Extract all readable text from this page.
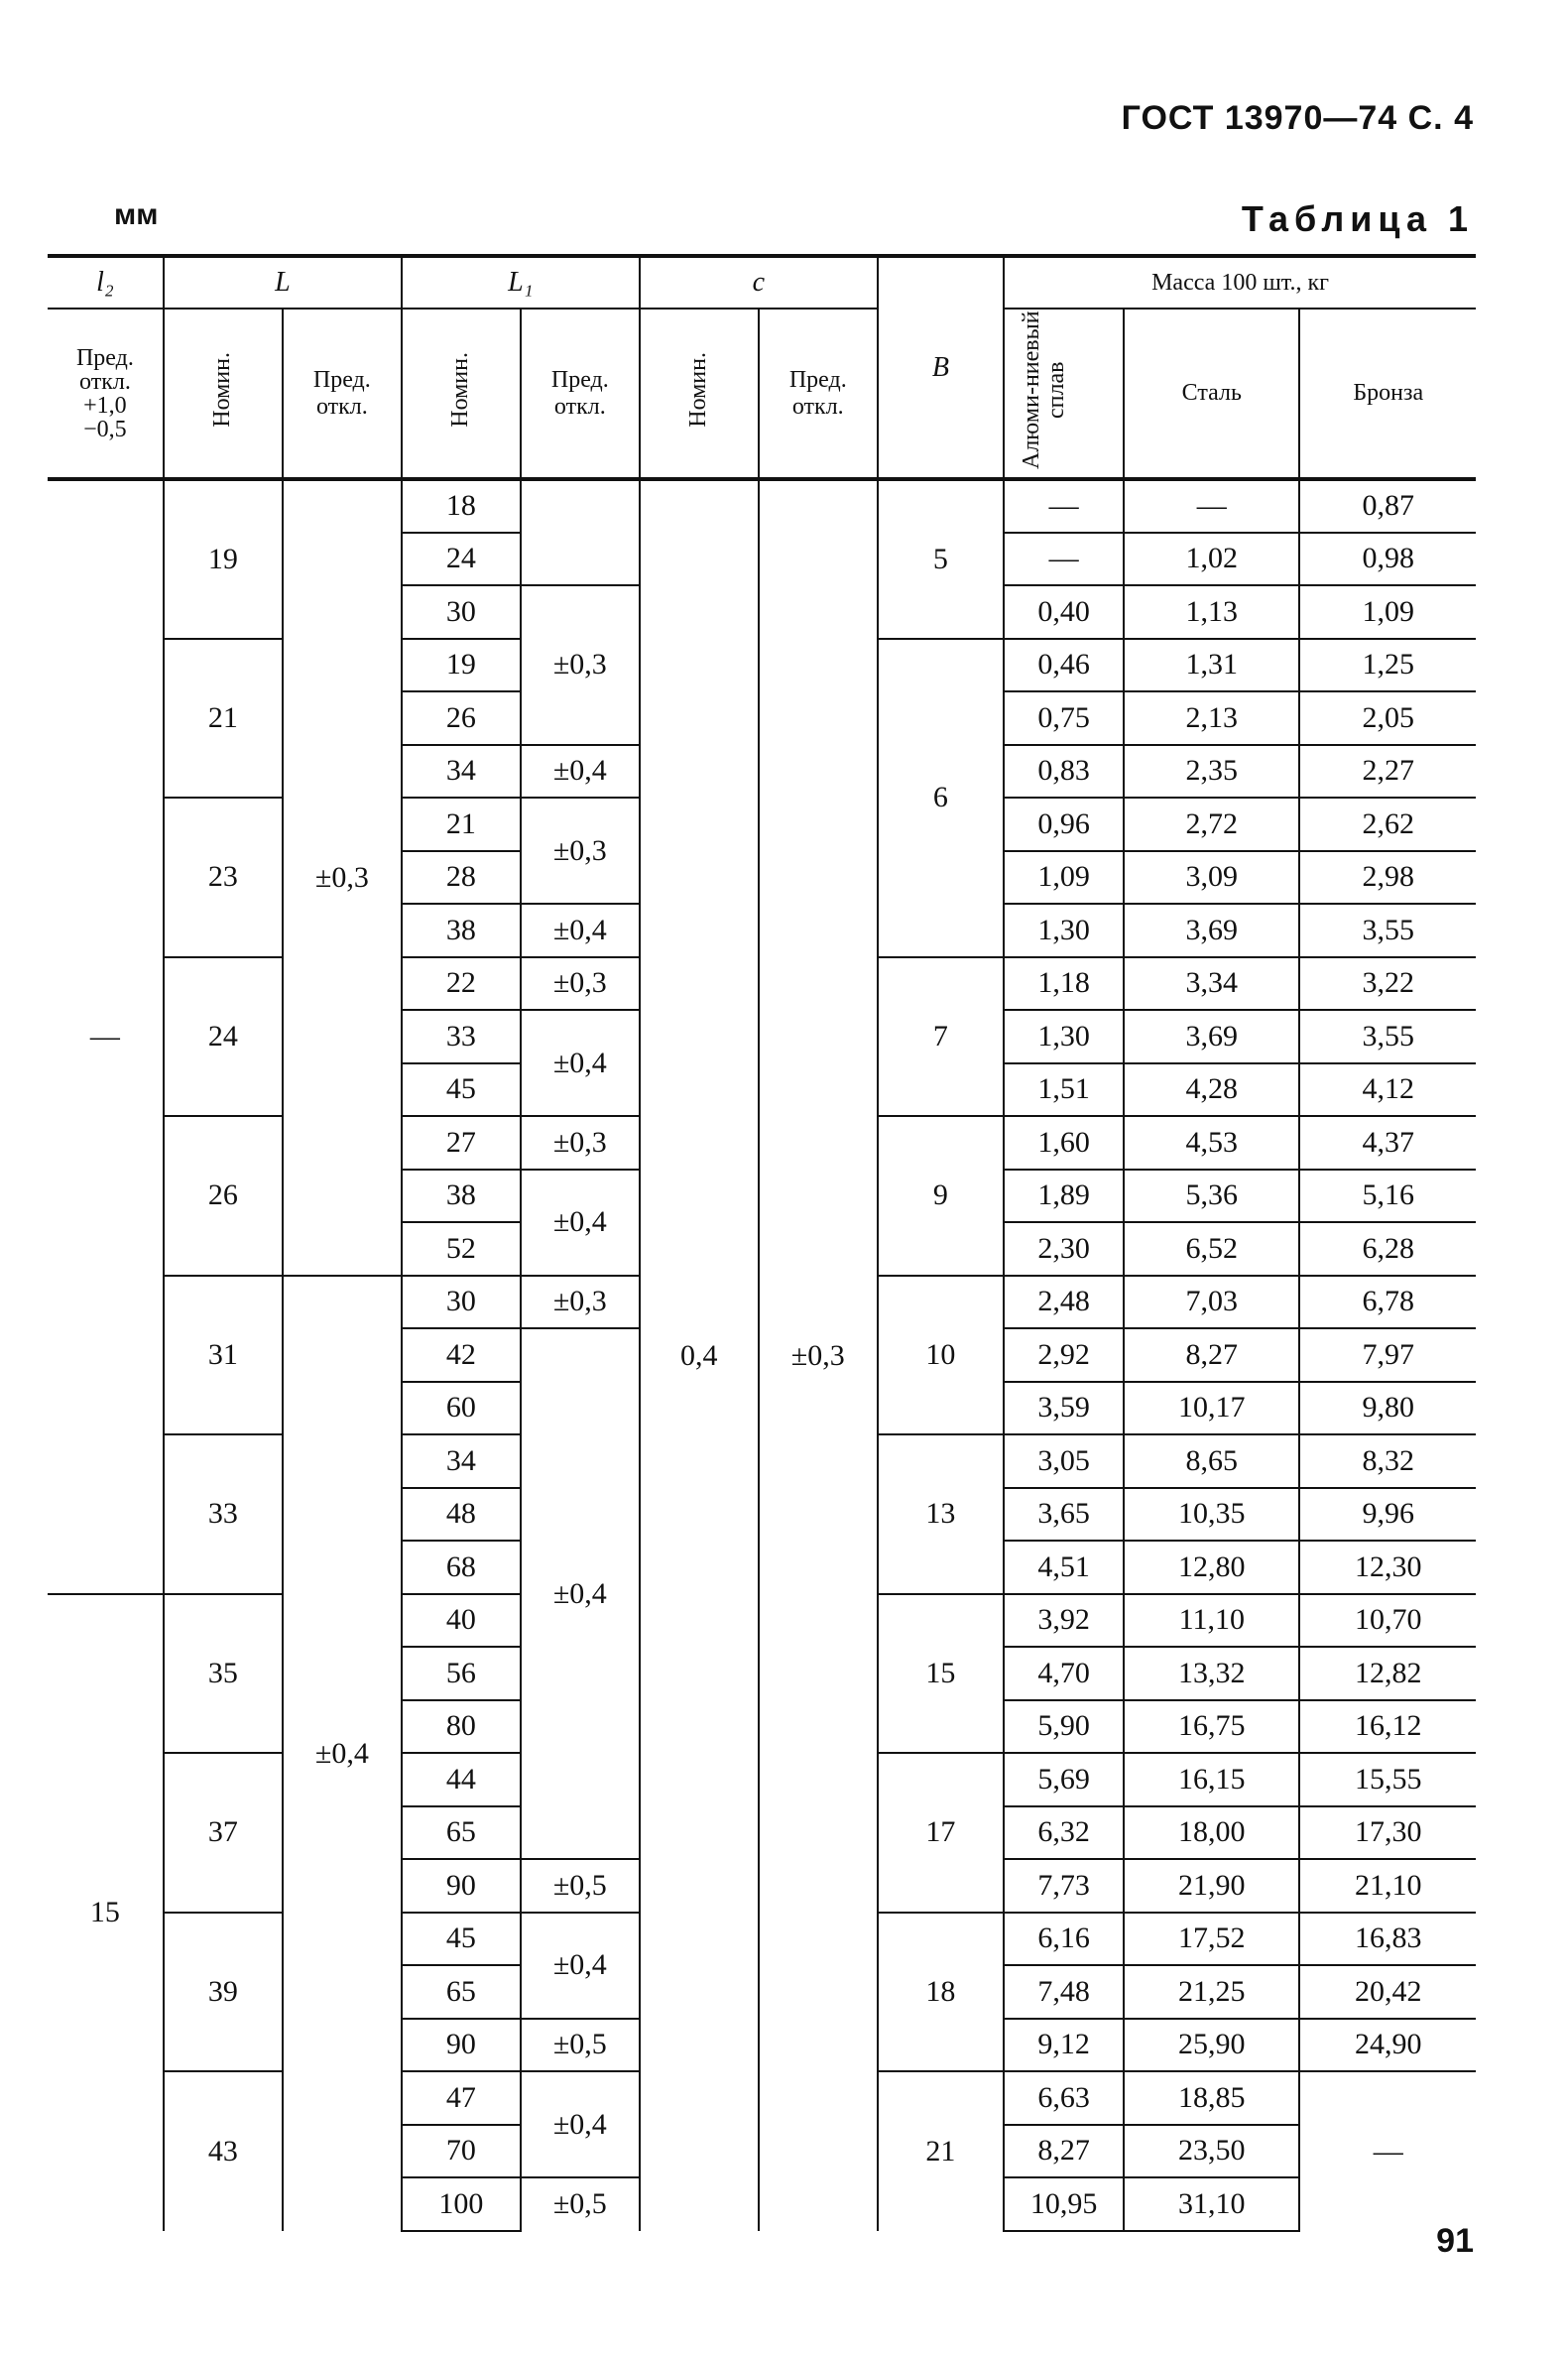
ГОСТ 13970—74 С. 4
мм	Таблица 1
l₂	L		L₁		c		B	Масса 100 шт., кг		
Пред. откл. +1,0 −0,5	Номин.	Пред. откл.	Номин.	Пред. откл.	Номин.	Пред. откл.		Алюми-ниевый сплав	Сталь	Бронза
—	19	±0,3	18		0,4	±0,3	5	—	—	0,87
			24					—	1,02	0,98
			30	±0,3				0,40	1,13	1,09
	21		19				6	0,46	1,31	1,25
			26					0,75	2,13	2,05
			34	±0,4				0,83	2,35	2,27
	23		21	±0,3				0,96	2,72	2,62
			28					1,09	3,09	2,98
			38	±0,4				1,30	3,69	3,55
	24		22	±0,3			7	1,18	3,34	3,22
			33	±0,4				1,30	3,69	3,55
			45					1,51	4,28	4,12
	26		27	±0,3			9	1,60	4,53	4,37
			38	±0,4				1,89	5,36	5,16
			52					2,30	6,52	6,28
	31	±0,4	30	±0,3			10	2,48	7,03	6,78
			42	±0,4				2,92	8,27	7,97
			60					3,59	10,17	9,80
	33		34				13	3,05	8,65	8,32
			48					3,65	10,35	9,96
			68					4,51	12,80	12,30
15	35		40				15	3,92	11,10	10,70
			56					4,70	13,32	12,82
			80					5,90	16,75	16,12
	37		44				17	5,69	16,15	15,55
			65					6,32	18,00	17,30
			90	±0,5				7,73	21,90	21,10
	39		45	±0,4			18	6,16	17,52	16,83
			65					7,48	21,25	20,42
			90	±0,5				9,12	25,90	24,90
	43		47	±0,4			21	6,63	18,85	—
			70					8,27	23,50	
			100	±0,5				10,95	31,10	
91
